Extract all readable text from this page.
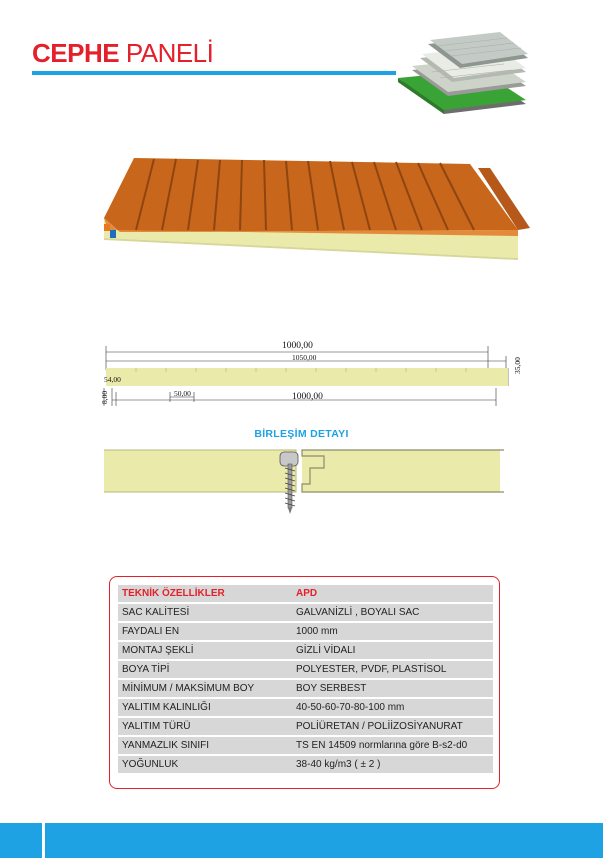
CEPHE PANELİ
1000,00
1050,00	35,00
54,00
50,00	1000,00
8,00
BİRLEŞİM DETAYI
TEKNİK ÖZELLİKLER	APD
SAC KALİTESİ	GALVANİZLİ , BOYALI SAC
FAYDALI EN	1000 mm
MONTAJ ŞEKLİ	GİZLİ VİDALI
BOYA TİPİ	POLYESTER, PVDF, PLASTİSOL
MİNİMUM / MAKSİMUM BOY	BOY SERBEST
YALITIM KALINLIĞI	40-50-60-70-80-100 mm
YALITIM TÜRÜ	POLİÜRETAN / POLİİZOSİYANURAT
YANMAZLIK SINIFI	TS EN 14509 normlarına göre B-s2-d0
YOĞUNLUK	38-40 kg/m3 ( ± 2 )
